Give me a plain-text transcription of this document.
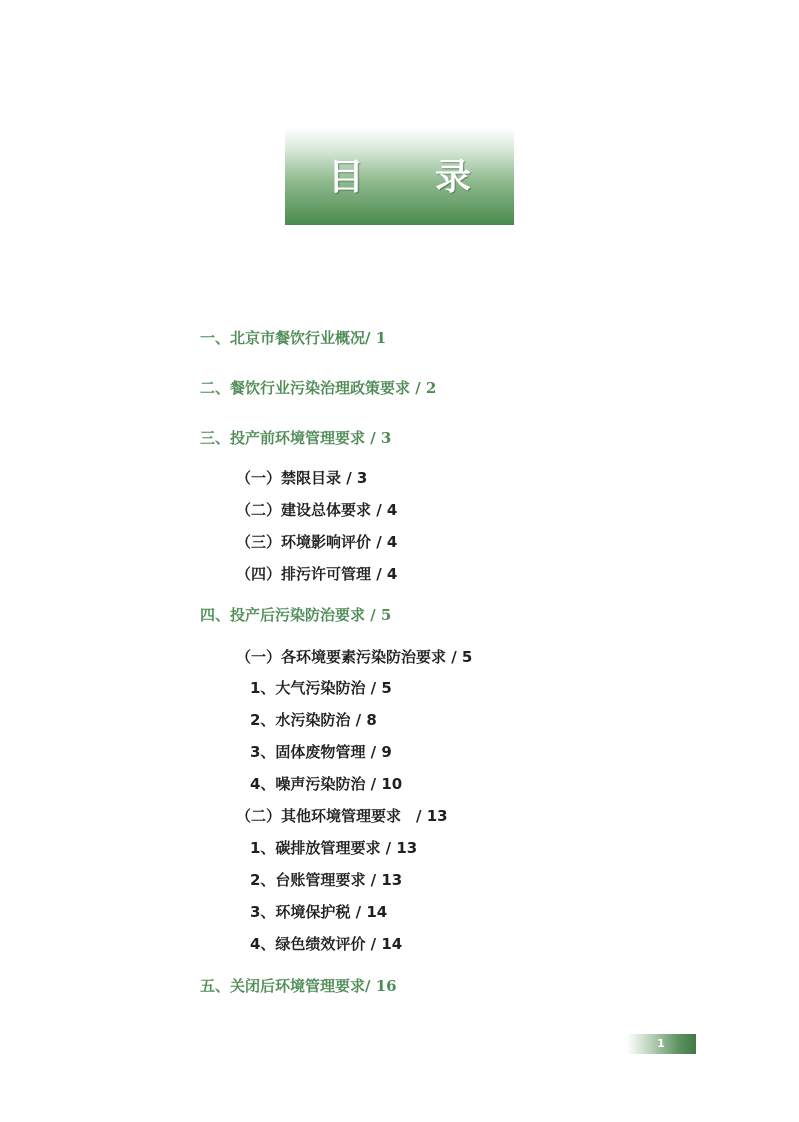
目 录
一、北京市餐饮行业概况/ 1
二、餐饮行业污染治理政策要求 / 2
三、投产前环境管理要求 / 3
（一）禁限目录 / 3
（二）建设总体要求 / 4
（三）环境影响评价 / 4
（四）排污许可管理 / 4
四、投产后污染防治要求 / 5
（一）各环境要素污染防治要求 / 5
1、大气污染防治 / 5
2、水污染防治 / 8
3、固体废物管理 / 9
4、噪声污染防治 / 10
（二）其他环境管理要求　/ 13
1、碳排放管理要求 / 13
2、台账管理要求 / 13
3、环境保护税 / 14
4、绿色绩效评价 / 14
五、关闭后环境管理要求/ 16
1
